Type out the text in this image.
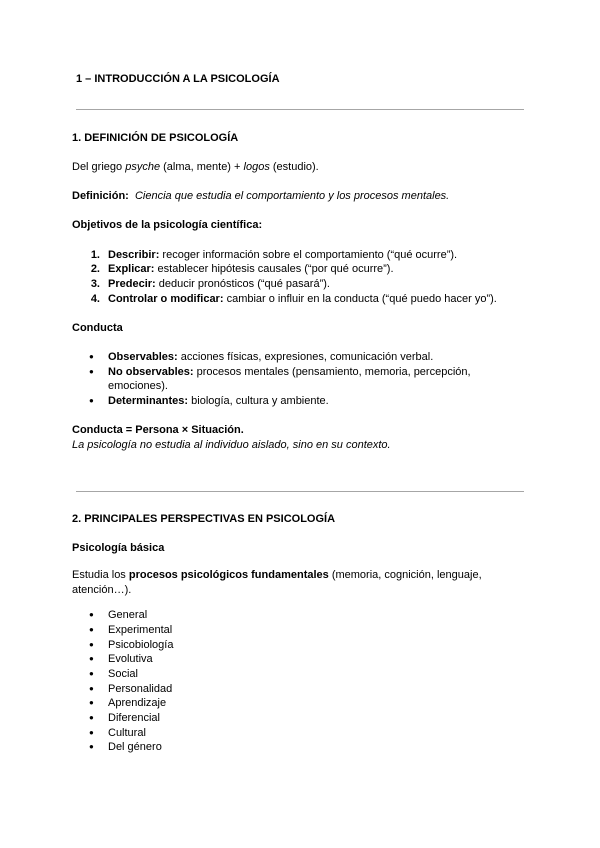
1 – INTRODUCCIÓN A LA PSICOLOGÍA
1. DEFINICIÓN DE PSICOLOGÍA
Del griego psyche (alma, mente) + logos (estudio).
Definición: Ciencia que estudia el comportamiento y los procesos mentales.
Objetivos de la psicología científica:
1. Describir: recoger información sobre el comportamiento (“qué ocurre”).
2. Explicar: establecer hipótesis causales (“por qué ocurre”).
3. Predecir: deducir pronósticos (“qué pasará”).
4. Controlar o modificar: cambiar o influir en la conducta (“qué puedo hacer yo”).
Conducta
● Observables: acciones físicas, expresiones, comunicación verbal.
● No observables: procesos mentales (pensamiento, memoria, percepción,
emociones).
● Determinantes: biología, cultura y ambiente.
Conducta = Persona × Situación.
La psicología no estudia al individuo aislado, sino en su contexto.
2. PRINCIPALES PERSPECTIVAS EN PSICOLOGÍA
Psicología básica
Estudia los procesos psicológicos fundamentales (memoria, cognición, lenguaje,
atención…).
● General
● Experimental
● Psicobiología
● Evolutiva
● Social
● Personalidad
● Aprendizaje
● Diferencial
● Cultural
● Del género
